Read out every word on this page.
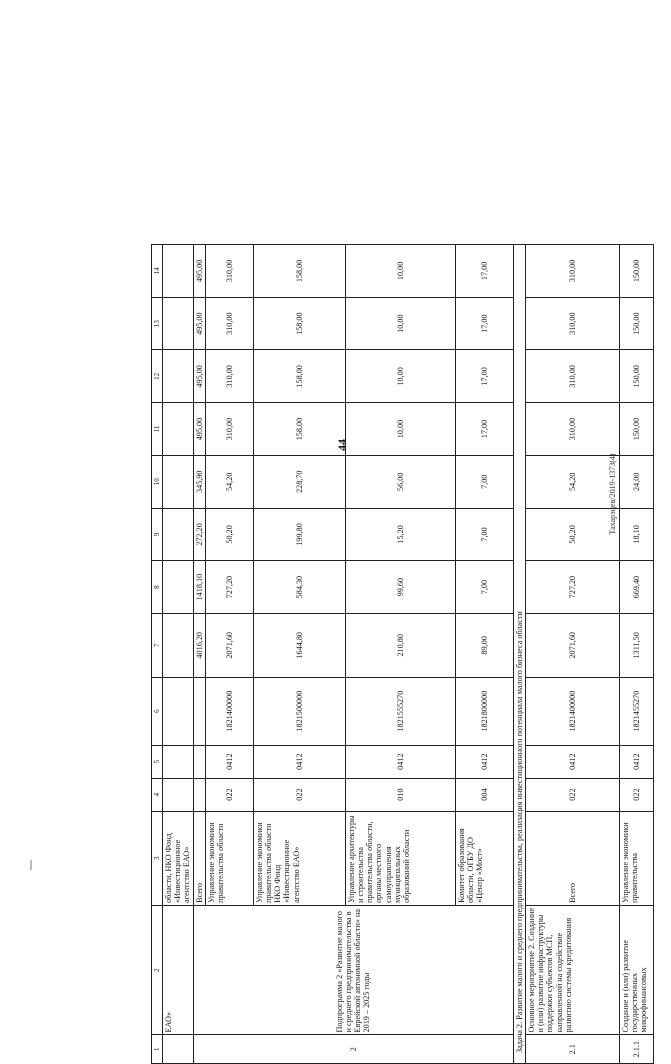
44
Тахарэцев/2019-1373(4)
1	2	3	4	5	6	7	8	9	10	11	12	13	14
	ЕАО»	области, НКО Фонд «Инвестиционное агентство ЕАО»											
2	Подпрограмма 2 «Развитие малого и среднего предпринимательства в Еврейской автономной области» на 2019 – 2025 годы	Всего				4016,20	1418,10	272,20	345,90	495,00	495,00	495,00	495,00
		Управление экономики правительства области	022	0412	1821400000	2071,60	727,20	50,20	54,20	310,00	310,00	310,00	310,00
		Управление экономики правительства области НКО Фонд «Инвестиционное агентство ЕАО»	022	0412	1821500000	1644,80	584,30	199,80	228,70	158,00	158,00	158,00	158,00
		Управление архитектуры и строительства правительства области, органы местного самоуправления муниципальных образований области	010	0412	1821555270	210,80	99,60	15,20	56,00	10,00	10,00	10,00	10,00
		Комитет образования области, ОГБУ ДО «Центр «Мост»	004	0412	1821800000	89,00	7,00	7,00	7,00	17,00	17,00	17,00	17,00
Задача 2. Развитие малого и среднего предпринимательства, реализация инвестиционного потенциала малого бизнеса области													
2.1	Основное мероприятие 2. Создание и (или) развитие инфраструктуры поддержки субъектов МСП, направленной на содействие развитию системы кредитования	Всего	022	0412	1821400000	2071,60	727,20	50,20	54,20	310,00	310,00	310,00	310,00
2.1.1	Создание и (или) развитие государственных микрофинансовых	Управление экономики правительства	022	0412	1821455270	1311,50	669,40	18,10	24,00	150,00	150,00	150,00	150,00
